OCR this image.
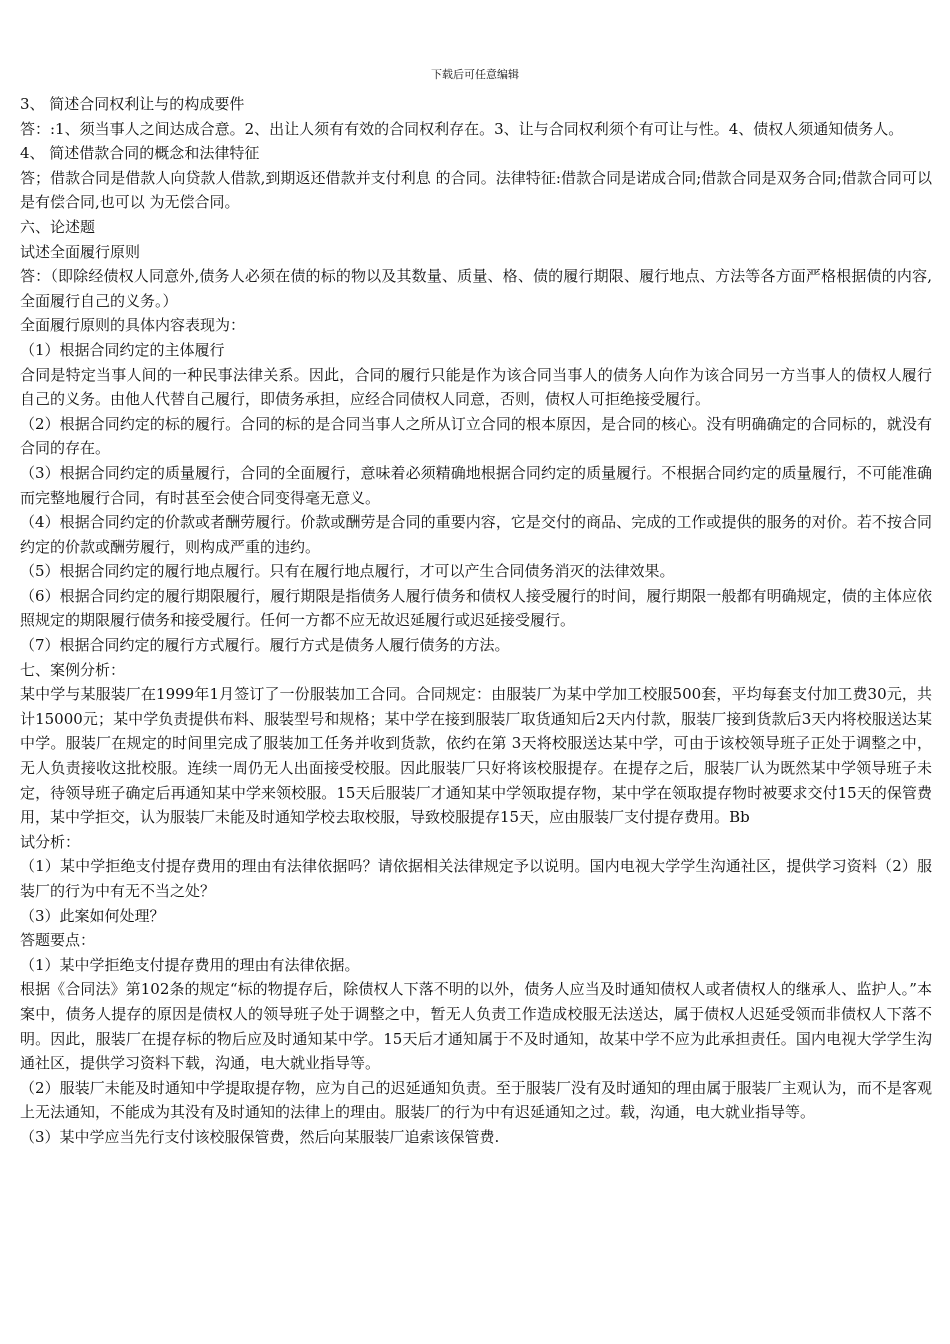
下载后可任意编辑

3、 简述合同权利让与的构成要件

答：:1、须当事人之间达成合意。2、出让人须有有效的合同权利存在。3、让与合同权利须个有可让与性。4、债权人须通知债务人。

4、 简述借款合同的概念和法律特征

答；借款合同是借款人向贷款人借款,到期返还借款并支付利息 的合同。法律特征:借款合同是诺成合同;借款合同是双务合同;借款合同可以是有偿合同,也可以 为无偿合同。

六、论述题

试述全面履行原则

答：（即除经债权人同意外,债务人必须在债的标的物以及其数量、质量、格、债的履行期限、履行地点、方法等各方面严格根据债的内容,全面履行自己的义务。）

全面履行原则的具体内容表现为：

（1）根据合同约定的主体履行

合同是特定当事人间的一种民事法律关系。因此，合同的履行只能是作为该合同当事人的债务人向作为该合同另一方当事人的债权人履行自己的义务。由他人代替自己履行，即债务承担，应经合同债权人同意，否则，债权人可拒绝接受履行。

（2）根据合同约定的标的履行。合同的标的是合同当事人之所从订立合同的根本原因，是合同的核心。没有明确确定的合同标的，就没有合同的存在。

（3）根据合同约定的质量履行，合同的全面履行，意味着必须精确地根据合同约定的质量履行。不根据合同约定的质量履行，不可能准确而完整地履行合同，有时甚至会使合同变得毫无意义。

（4）根据合同约定的价款或者酬劳履行。价款或酬劳是合同的重要内容，它是交付的商品、完成的工作或提供的服务的对价。若不按合同约定的价款或酬劳履行，则构成严重的违约。

（5）根据合同约定的履行地点履行。只有在履行地点履行，才可以产生合同债务消灭的法律效果。

（6）根据合同约定的履行期限履行，履行期限是指债务人履行债务和债权人接受履行的时间，履行期限一般都有明确规定，债的主体应依照规定的期限履行债务和接受履行。任何一方都不应无故迟延履行或迟延接受履行。

（7）根据合同约定的履行方式履行。履行方式是债务人履行债务的方法。

七、案例分析：

某中学与某服装厂在1999年1月签订了一份服装加工合同。合同规定：由服装厂为某中学加工校服500套，平均每套支付加工费30元，共计15000元；某中学负责提供布料、服装型号和规格；某中学在接到服装厂取货通知后2天内付款，服装厂接到货款后3天内将校服送达某中学。服装厂在规定的时间里完成了服装加工任务并收到货款，依约在第 3天将校服送达某中学，可由于该校领导班子正处于调整之中，无人负责接收这批校服。连续一周仍无人出面接受校服。因此服装厂只好将该校服提存。在提存之后，服装厂认为既然某中学领导班子未定，待领导班子确定后再通知某中学来领校服。15天后服装厂才通知某中学领取提存物，某中学在领取提存物时被要求交付15天的保管费用，某中学拒交，认为服装厂未能及时通知学校去取校服，导致校服提存15天，应由服装厂支付提存费用。Bb

试分析：

（1）某中学拒绝支付提存费用的理由有法律依据吗？请依据相关法律规定予以说明。国内电视大学学生沟通社区，提供学习资料（2）服装厂的行为中有无不当之处？

（3）此案如何处理？

答题要点：

（1）某中学拒绝支付提存费用的理由有法律依据。

根据《合同法》第102条的规定“标的物提存后，除债权人下落不明的以外，债务人应当及时通知债权人或者债权人的继承人、监护人。”本案中，债务人提存的原因是债权人的领导班子处于调整之中，暂无人负责工作造成校服无法送达，属于债权人迟延受领而非债权人下落不明。因此，服装厂在提存标的物后应及时通知某中学。15天后才通知属于不及时通知，故某中学不应为此承担责任。国内电视大学学生沟通社区，提供学习资料下载，沟通，电大就业指导等。

（2）服装厂未能及时通知中学提取提存物，应为自己的迟延通知负责。至于服装厂没有及时通知的理由属于服装厂主观认为，而不是客观上无法通知，不能成为其没有及时通知的法律上的理由。服装厂的行为中有迟延通知之过。载，沟通，电大就业指导等。

（3）某中学应当先行支付该校服保管费，然后向某服装厂追索该保管费.
